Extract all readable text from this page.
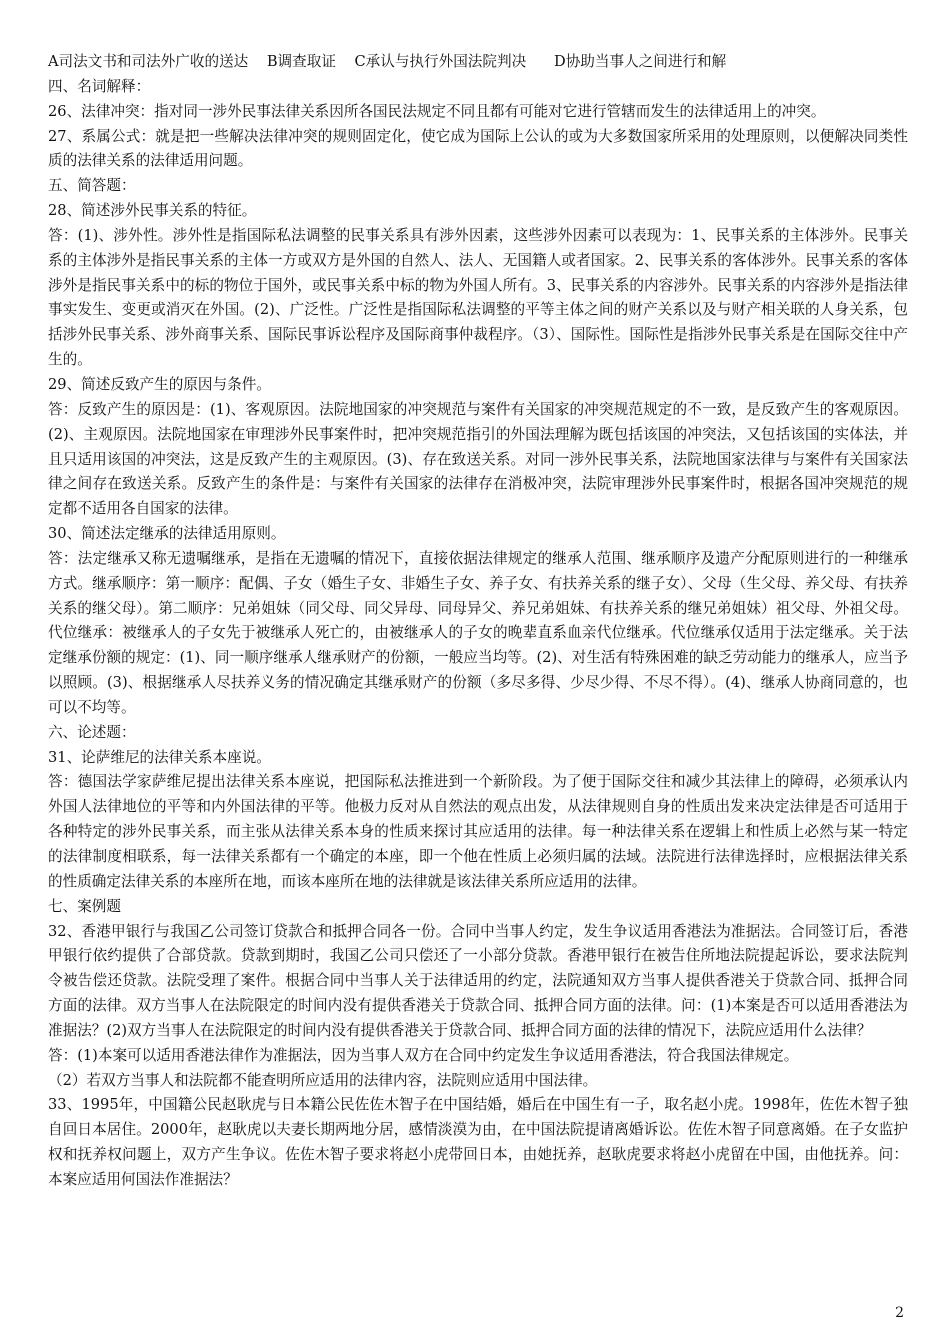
A司法文书和司法外广收的送达    B调查取证    C承认与执行外国法院判决      D协助当事人之间进行和解

四、名词解释：

26、法律冲突：指对同一涉外民事法律关系因所各国民法规定不同且都有可能对它进行管辖而发生的法律适用上的冲突。

27、系属公式：就是把一些解决法律冲突的规则固定化，使它成为国际上公认的或为大多数国家所采用的处理原则，以便解决同类性质的法律关系的法律适用问题。

五、简答题：

28、简述涉外民事关系的特征。

答：(1)、涉外性。涉外性是指国际私法调整的民事关系具有涉外因素，这些涉外因素可以表现为：1、民事关系的主体涉外。民事关系的主体涉外是指民事关系的主体一方或双方是外国的自然人、法人、无国籍人或者国家。2、民事关系的客体涉外。民事关系的客体涉外是指民事关系中的标的物位于国外，或民事关系中标的物为外国人所有。3、民事关系的内容涉外。民事关系的内容涉外是指法律事实发生、变更或消灭在外国。(2)、广泛性。广泛性是指国际私法调整的平等主体之间的财产关系以及与财产相关联的人身关系，包括涉外民事关系、涉外商事关系、国际民事诉讼程序及国际商事仲裁程序。（3）、国际性。国际性是指涉外民事关系是在国际交往中产生的。

29、简述反致产生的原因与条件。

答：反致产生的原因是：(1)、客观原因。法院地国家的冲突规范与案件有关国家的冲突规范规定的不一致，是反致产生的客观原因。(2)、主观原因。法院地国家在审理涉外民事案件时，把冲突规范指引的外国法理解为既包括该国的冲突法，又包括该国的实体法，并且只适用该国的冲突法，这是反致产生的主观原因。(3)、存在致送关系。对同一涉外民事关系，法院地国家法律与与案件有关国家法律之间存在致送关系。反致产生的条件是：与案件有关国家的法律存在消极冲突，法院审理涉外民事案件时，根据各国冲突规范的规定都不适用各自国家的法律。

30、简述法定继承的法律适用原则。

答：法定继承又称无遗嘱继承，是指在无遗嘱的情况下，直接依据法律规定的继承人范围、继承顺序及遗产分配原则进行的一种继承方式。继承顺序：第一顺序：配偶、子女（婚生子女、非婚生子女、养子女、有扶养关系的继子女）、父母（生父母、养父母、有扶养关系的继父母）。第二顺序：兄弟姐妹（同父母、同父异母、同母异父、养兄弟姐妹、有扶养关系的继兄弟姐妹）祖父母、外祖父母。代位继承：被继承人的子女先于被继承人死亡的，由被继承人的子女的晚辈直系血亲代位继承。代位继承仅适用于法定继承。关于法定继承份额的规定：(1)、同一顺序继承人继承财产的份额，一般应当均等。(2)、对生活有特殊困难的缺乏劳动能力的继承人，应当予以照顾。(3)、根据继承人尽扶养义务的情况确定其继承财产的份额（多尽多得、少尽少得、不尽不得）。(4)、继承人协商同意的，也可以不均等。

六、论述题：

31、论萨维尼的法律关系本座说。

答：德国法学家萨维尼提出法律关系本座说，把国际私法推进到一个新阶段。为了便于国际交往和减少其法律上的障碍，必须承认内外国人法律地位的平等和内外国法律的平等。他极力反对从自然法的观点出发，从法律规则自身的性质出发来决定法律是否可适用于各种特定的涉外民事关系，而主张从法律关系本身的性质来探讨其应适用的法律。每一种法律关系在逻辑上和性质上必然与某一特定的法律制度相联系，每一法律关系都有一个确定的本座，即一个他在性质上必须归属的法域。法院进行法律选择时，应根据法律关系的性质确定法律关系的本座所在地，而该本座所在地的法律就是该法律关系所应适用的法律。

七、案例题

32、香港甲银行与我国乙公司签订贷款合和抵押合同各一份。合同中当事人约定，发生争议适用香港法为准据法。合同签订后，香港甲银行依约提供了合部贷款。贷款到期时，我国乙公司只偿还了一小部分贷款。香港甲银行在被告住所地法院提起诉讼，要求法院判令被告偿还贷款。法院受理了案件。根据合同中当事人关于法律适用的约定，法院通知双方当事人提供香港关于贷款合同、抵押合同方面的法律。双方当事人在法院限定的时间内没有提供香港关于贷款合同、抵押合同方面的法律。问：(1)本案是否可以适用香港法为准据法？(2)双方当事人在法院限定的时间内没有提供香港关于贷款合同、抵押合同方面的法律的情况下，法院应适用什么法律？

答：(1)本案可以适用香港法律作为准据法，因为当事人双方在合同中约定发生争议适用香港法，符合我国法律规定。

（2）若双方当事人和法院都不能查明所应适用的法律内容，法院则应适用中国法律。

33、1995年，中国籍公民赵耿虎与日本籍公民佐佐木智子在中国结婚，婚后在中国生有一子，取名赵小虎。1998年，佐佐木智子独自回日本居住。2000年，赵耿虎以夫妻长期两地分居，感情淡漠为由，在中国法院提请离婚诉讼。佐佐木智子同意离婚。在子女监护权和抚养权问题上，双方产生争议。佐佐木智子要求将赵小虎带回日本，由她抚养，赵耿虎要求将赵小虎留在中国，由他抚养。问：本案应适用何国法作准据法？

2
